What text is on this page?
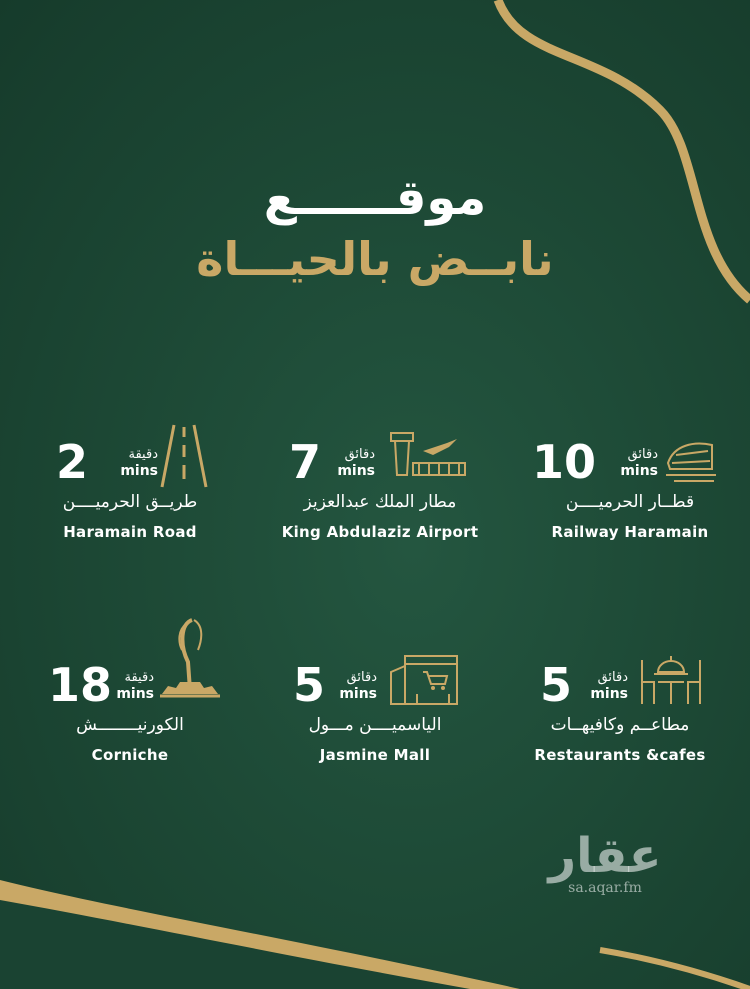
موقــــــع
نابــض بالحيـــاة
10	دقائق
mins
قطــار الحرميــــن
Railway Haramain
7	دقائق
mins
مطار الملك عبدالعزيز
King Abdulaziz Airport
2	دقيقة
mins
طريــق الحرميــــن
Haramain Road
5	دقائق
mins
مطاعــم وكافيهــات
Restaurants &cafes
5	دقائق
mins
الياسميــــن مـــول
Jasmine Mall
18 دقيقة
mins
الكورنيــــــــش
Corniche
عقار
sa.aqar.fm
